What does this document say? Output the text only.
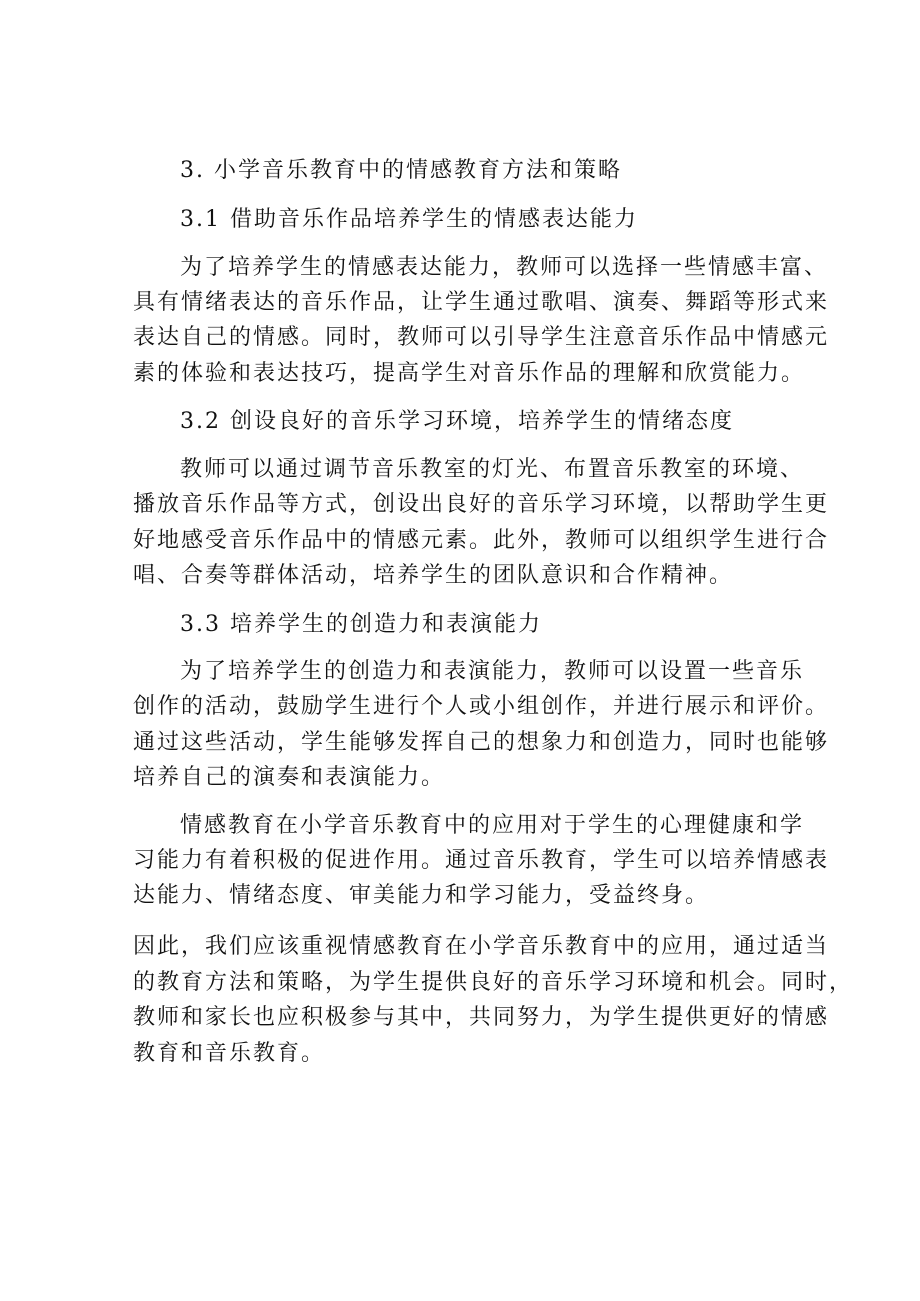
3. 小学音乐教育中的情感教育方法和策略
3.1 借助音乐作品培养学生的情感表达能力
为了培养学生的情感表达能力，教师可以选择一些情感丰富、
具有情绪表达的音乐作品，让学生通过歌唱、演奏、舞蹈等形式来
表达自己的情感。同时，教师可以引导学生注意音乐作品中情感元
素的体验和表达技巧，提高学生对音乐作品的理解和欣赏能力。
3.2 创设良好的音乐学习环境，培养学生的情绪态度
教师可以通过调节音乐教室的灯光、布置音乐教室的环境、
播放音乐作品等方式，创设出良好的音乐学习环境，以帮助学生更
好地感受音乐作品中的情感元素。此外，教师可以组织学生进行合
唱、合奏等群体活动，培养学生的团队意识和合作精神。
3.3 培养学生的创造力和表演能力
为了培养学生的创造力和表演能力，教师可以设置一些音乐
创作的活动，鼓励学生进行个人或小组创作，并进行展示和评价。
通过这些活动，学生能够发挥自己的想象力和创造力，同时也能够
培养自己的演奏和表演能力。
情感教育在小学音乐教育中的应用对于学生的心理健康和学
习能力有着积极的促进作用。通过音乐教育，学生可以培养情感表
达能力、情绪态度、审美能力和学习能力，受益终身。
因此，我们应该重视情感教育在小学音乐教育中的应用，通过适当
的教育方法和策略，为学生提供良好的音乐学习环境和机会。同时，
教师和家长也应积极参与其中，共同努力，为学生提供更好的情感
教育和音乐教育。
